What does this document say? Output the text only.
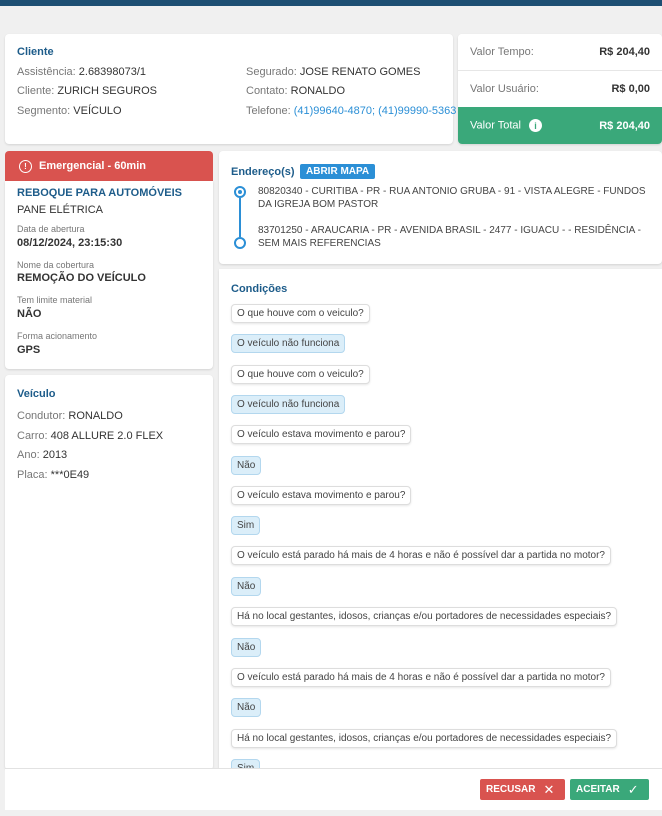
Cliente
Assistência: 2.68398073/1
Cliente: ZURICH SEGUROS
Segmento: VEÍCULO
Segurado: JOSE RENATO GOMES
Contato: RONALDO
Telefone: (41)99640-4870; (41)99990-5363
Valor Tempo:	R$ 204,40
Valor Usuário:	R$ 0,00
Valor Total i	R$ 204,40
!	Emergencial - 60min
REBOQUE PARA AUTOMÓVEIS
PANE ELÉTRICA
Data de abertura
08/12/2024, 23:15:30
Nome da cobertura
REMOÇÃO DO VEÍCULO
Tem limite material
NÃO
Forma acionamento
GPS
Veículo
Condutor: RONALDO
Carro: 408 ALLURE 2.0 FLEX
Ano: 2013
Placa: ***0E49
Endereço(s)	ABRIR MAPA
80820340 - CURITIBA - PR - RUA ANTONIO GRUBA - 91 - VISTA ALEGRE - FUNDOS DA IGREJA BOM PASTOR
83701250 - ARAUCARIA - PR - AVENIDA BRASIL - 2477 - IGUACU - - RESIDÊNCIA - SEM MAIS REFERENCIAS
Condições
O que houve com o veiculo?
O veículo não funciona
O que houve com o veiculo?
O veículo não funciona
O veículo estava movimento e parou?
Não
O veículo estava movimento e parou?
Sim
O veículo está parado há mais de 4 horas e não é possível dar a partida no motor?
Não
Há no local gestantes, idosos, crianças e/ou portadores de necessidades especiais?
Não
O veículo está parado há mais de 4 horas e não é possível dar a partida no motor?
Não
Há no local gestantes, idosos, crianças e/ou portadores de necessidades especiais?
RECUSAR ✕ ACEITAR ✓
